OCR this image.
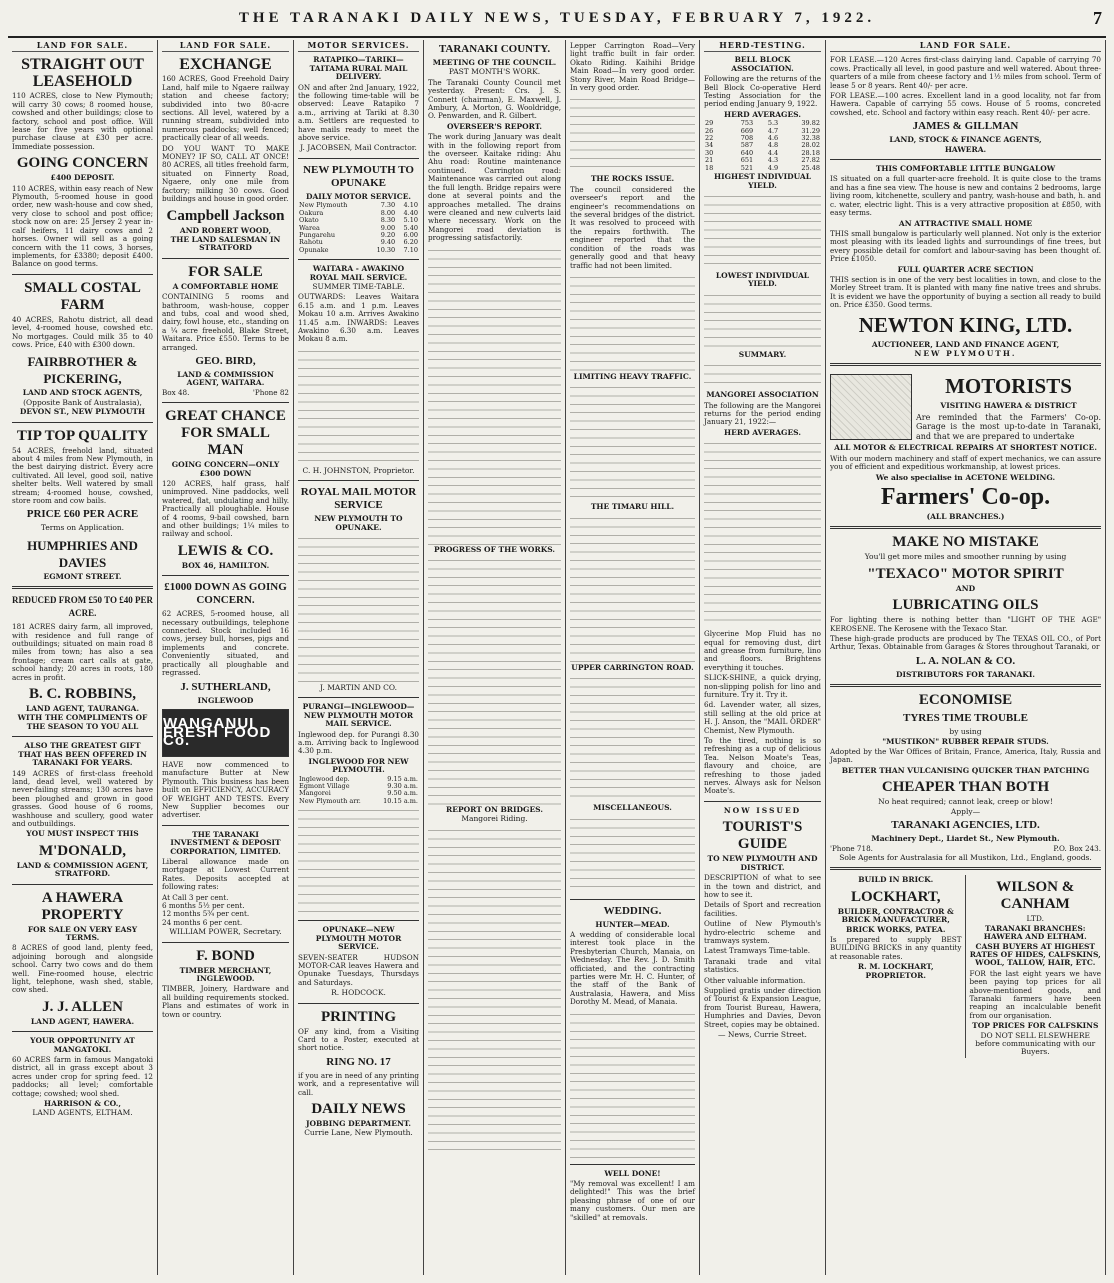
THE TARANAKI DAILY NEWS, TUESDAY, FEBRUARY 7, 1922.	7
LAND FOR SALE.
STRAIGHT OUT LEASEHOLD
110 ACRES, close to New Plymouth; will carry 30 cows; 8 roomed house, cowshed and other buildings; close to factory, school and post office. Will lease for five years with optional purchase clause at £30 per acre. Immediate possession.
GOING CONCERN
£400 DEPOSIT.
110 ACRES, within easy reach of New Plymouth, 5-roomed house in good order, new wash-house and cow shed, very close to school and post office; stock now on are: 25 Jersey 2 year in-calf heifers, 11 dairy cows and 2 horses. Owner will sell as a going concern with the 11 cows, 3 horses, implements, for £3380; deposit £400. Balance on good terms.
SMALL COSTAL FARM
40 ACRES, Rahotu district, all dead level, 4-roomed house, cowshed etc. No mortgages. Could milk 35 to 40 cows. Price, £40 with £300 down.
FAIRBROTHER & PICKERING,
LAND AND STOCK AGENTS,
(Opposite Bank of Australasia),
DEVON ST., NEW PLYMOUTH
TIP TOP QUALITY
54 ACRES, freehold land, situated about 4 miles from New Plymouth, in the best dairying district. Every acre cultivated. All level, good soil, native shelter belts. Well watered by small stream; 4-roomed house, cowshed, store room and cow bails.
PRICE £60 PER ACRE
Terms on Application.
HUMPHRIES AND DAVIES
EGMONT STREET.
REDUCED FROM £50 TO £40 PER ACRE.
181 ACRES dairy farm, all improved, with residence and full range of outbuildings; situated on main road 8 miles from town; has also a sea frontage; cream cart calls at gate, school handy; 20 acres in roots, 180 acres in profit.
B. C. ROBBINS,
LAND AGENT, TAURANGA.
WITH THE COMPLIMENTS OF THE SEASON TO YOU ALL
ALSO THE GREATEST GIFT THAT HAS BEEN OFFERED IN TARANAKI FOR YEARS.
149 ACRES of first-class freehold land, dead level, well watered by never-failing streams; 130 acres have been ploughed and grown in good grasses. Good house of 6 rooms, washhouse and scullery, good water and outbuildings.
YOU MUST INSPECT THIS
M'DONALD,
LAND & COMMISSION AGENT, STRATFORD.
A HAWERA PROPERTY
FOR SALE ON VERY EASY TERMS.
8 ACRES of good land, plenty feed, adjoining borough and alongside school. Carry two cows and do them well. Fine-roomed house, electric light, telephone, wash shed, stable, cow shed.
J. J. ALLEN
LAND AGENT, HAWERA.
YOUR OPPORTUNITY AT MANGATOKI.
60 ACRES farm in famous Mangatoki district, all in grass except about 3 acres under crop for spring feed. 12 paddocks; all level; comfortable cottage; cowshed; wool shed.
HARRISON & CO.,
LAND AGENTS, ELTHAM.
LAND FOR SALE.
EXCHANGE
160 ACRES, Good Freehold Dairy Land, half mile to Ngaere railway station and cheese factory; subdivided into two 80-acre sections. All level, watered by a running stream, subdivided into numerous paddocks; well fenced; practically clear of all weeds.
DO YOU WANT TO MAKE MONEY? IF SO, CALL AT ONCE! 80 ACRES, all titles freehold farm, situated on Finnerty Road, Ngaere, only one mile from factory; milking 30 cows. Good buildings and house in good order.
Campbell Jackson
AND ROBERT WOOD,
THE LAND SALESMAN IN STRATFORD
FOR SALE
A COMFORTABLE HOME
CONTAINING 5 rooms and bathroom, wash-house, copper and tubs, coal and wood shed, dairy, fowl house, etc., standing on a ¼ acre freehold, Blake Street, Waitara. Price £550. Terms to be arranged.
GEO. BIRD,
LAND & COMMISSION AGENT, WAITARA.
Box 48.	'Phone 82
GREAT CHANCE FOR SMALL MAN
GOING CONCERN—ONLY £300 DOWN
120 ACRES, half grass, half unimproved. Nine paddocks, well watered, flat, undulating and hilly. Practically all ploughable. House of 4 rooms, 9-bail cowshed, barn and other buildings; 1¼ miles to railway and school.
LEWIS & CO.
BOX 46, HAMILTON.
£1000 DOWN AS GOING CONCERN.
62 ACRES, 5-roomed house, all necessary outbuildings, telephone connected. Stock included 16 cows, jersey bull, horses, pigs and implements and concrete. Conveniently situated, and practically all ploughable and regrassed.
J. SUTHERLAND,
INGLEWOOD
WANGANUI FRESH FOOD Co.
HAVE now commenced to manufacture Butter at New Plymouth. This business has been built on EFFICIENCY, ACCURACY OF WEIGHT AND TESTS. Every New Supplier becomes our advertiser.
THE TARANAKI INVESTMENT & DEPOSIT CORPORATION, LIMITED.
Liberal allowance made on mortgage at Lowest Current Rates. Deposits accepted at following rates:
At Call 3 per cent.
6 months 5½ per cent.
12 months 5¾ per cent.
24 months 6 per cent.
WILLIAM POWER, Secretary.
F. BOND
TIMBER MERCHANT, INGLEWOOD.
TIMBER, Joinery, Hardware and all building requirements stocked. Plans and estimates of work in town or country.
MOTOR SERVICES.
RATAPIKO—TARIKI—TAITAMA RURAL MAIL DELIVERY.
ON and after 2nd January, 1922, the following time-table will be observed: Leave Ratapiko 7 a.m., arriving at Tariki at 8.30 a.m. Settlers are requested to have mails ready to meet the above service.
J. JACOBSEN, Mail Contractor.
NEW PLYMOUTH TO OPUNAKE
DAILY MOTOR SERVICE.
New Plymouth	7.30	4.10
Oakura	8.00	4.40
Okato	8.30	5.10
Warea	9.00	5.40
Pungarehu	9.20	6.00
Rahotu	9.40	6.20
Opunake	10.30	7.10
WAITARA - AWAKINO ROYAL MAIL SERVICE.
SUMMER TIME-TABLE.
OUTWARDS: Leaves Waitara 6.15 a.m. and 1 p.m. Leaves Mokau 10 a.m. Arrives Awakino 11.45 a.m. INWARDS: Leaves Awakino 6.30 a.m. Leaves Mokau 8 a.m.
C. H. JOHNSTON, Proprietor.
ROYAL MAIL MOTOR SERVICE
NEW PLYMOUTH TO OPUNAKE.
J. MARTIN AND CO.
PURANGI—INGLEWOOD—NEW PLYMOUTH MOTOR MAIL SERVICE.
Inglewood dep. for Purangi 8.30 a.m. Arriving back to Inglewood 4.30 p.m.
INGLEWOOD FOR NEW PLYMOUTH.
Inglewood dep.	9.15 a.m.
Egmont Village	9.30 a.m.
Mangorei	9.50 a.m.
New Plymouth arr.	10.15 a.m.
OPUNAKE—NEW PLYMOUTH MOTOR SERVICE.
SEVEN-SEATER HUDSON MOTOR-CAR leaves Hawera and Opunake Tuesdays, Thursdays and Saturdays.
R. HODCOCK.
PRINTING
OF any kind, from a Visiting Card to a Poster, executed at short notice.
RING NO. 17
if you are in need of any printing work, and a representative will call.
DAILY NEWS
JOBBING DEPARTMENT.
Currie Lane, New Plymouth.
TARANAKI COUNTY.
MEETING OF THE COUNCIL.
PAST MONTH'S WORK.
The Taranaki County Council met yesterday. Present: Crs. J. S. Connett (chairman), E. Maxwell, J. Ambury, A. Morton, G. Wooldridge, O. Penwarden, and R. Gilbert.
OVERSEER'S REPORT.
The work during January was dealt with in the following report from the overseer. Kaitake riding: Ahu Ahu road: Routine maintenance continued. Carrington road: Maintenance was carried out along the full length. Bridge repairs were done at several points and the approaches metalled. The drains were cleaned and new culverts laid where necessary. Work on the Mangorei road deviation is progressing satisfactorily.
PROGRESS OF THE WORKS.
REPORT ON BRIDGES.
Mangorei Riding.
Lepper Carrington Road—Very light traffic built in fair order. Okato Riding. Kaihihi Bridge Main Road—In very good order. Stony River, Main Road Bridge—In very good order.
THE ROCKS ISSUE.
The council considered the overseer's report and the engineer's recommendations on the several bridges of the district. It was resolved to proceed with the repairs forthwith. The engineer reported that the condition of the roads was generally good and that heavy traffic had not been limited.
LIMITING HEAVY TRAFFIC.
THE TIMARU HILL.
UPPER CARRINGTON ROAD.
MISCELLANEOUS.
WEDDING.
HUNTER—MEAD.
A wedding of considerable local interest took place in the Presbyterian Church, Manaia, on Wednesday. The Rev. J. D. Smith officiated, and the contracting parties were Mr. H. C. Hunter, of the staff of the Bank of Australasia, Hawera, and Miss Dorothy M. Mead, of Manaia.
WELL DONE!
"My removal was excellent! I am delighted!" This was the brief pleasing phrase of one of our many customers. Our men are "skilled" at removals.
HERD-TESTING.
BELL BLOCK ASSOCIATION.
Following are the returns of the Bell Block Co-operative Herd Testing Association for the period ending January 9, 1922.
HERD AVERAGES.
29	753	5.3	39.82
26	669	4.7	31.29
22	708	4.6	32.38
34	587	4.8	28.02
30	640	4.4	28.18
21	651	4.3	27.82
18	521	4.9	25.48
HIGHEST INDIVIDUAL YIELD.
LOWEST INDIVIDUAL YIELD.
SUMMARY.
MANGOREI ASSOCIATION
The following are the Mangorei returns for the period ending January 21, 1922:—
HERD AVERAGES.
Glycerine Mop Fluid has no equal for removing dust, dirt and grease from furniture, lino and floors. Brightens everything it touches.
SLICK-SHINE, a quick drying, non-slipping polish for lino and furniture. Try it. Try it.
6d. Lavender water, all sizes, still selling at the old price at H. J. Anson, the "MAIL ORDER" Chemist, New Plymouth.
To the tired, nothing is so refreshing as a cup of delicious Tea. Nelson Moate's Teas, flavoury and choice, are refreshing to those jaded nerves. Always ask for Nelson Moate's.
NOW ISSUED
TOURIST'S GUIDE
TO NEW PLYMOUTH AND DISTRICT.
DESCRIPTION of what to see in the town and district, and how to see it.
Details of Sport and recreation facilities.
Outline of New Plymouth's hydro-electric scheme and tramways system.
Latest Tramways Time-table.
Taranaki trade and vital statistics.
Other valuable information.
Supplied gratis under direction of Tourist & Expansion League, from Tourist Bureau, Hawera, Humphries and Davies, Devon Street, copies may be obtained.
— News, Currie Street.
LAND FOR SALE.
FOR LEASE.—120 Acres first-class dairying land. Capable of carrying 70 cows. Practically all level, in good pasture and well watered. About three-quarters of a mile from cheese factory and 1½ miles from school. Term of lease 5 or 8 years. Rent 40/- per acre.
FOR LEASE.—100 acres. Excellent land in a good locality, not far from Hawera. Capable of carrying 55 cows. House of 5 rooms, concreted cowshed, etc. School and factory within easy reach. Rent 40/- per acre.
JAMES & GILLMAN
LAND, STOCK & FINANCE AGENTS,
HAWERA.
THIS COMFORTABLE LITTLE BUNGALOW
IS situated on a full quarter-acre freehold. It is quite close to the trams and has a fine sea view. The house is new and contains 2 bedrooms, large living room, kitchenette, scullery and pantry, wash-house and bath, h. and c. water, electric light. This is a very attractive proposition at £850, with easy terms.
AN ATTRACTIVE SMALL HOME
THIS small bungalow is particularly well planned. Not only is the exterior most pleasing with its leaded lights and surroundings of fine trees, but every possible detail for comfort and labour-saving has been thought of. Price £1050.
FULL QUARTER ACRE SECTION
THIS section is in one of the very best localities in town, and close to the Morley Street tram. It is planted with many fine native trees and shrubs. It is evident we have the opportunity of buying a section all ready to build on. Price £350. Good terms.
NEWTON KING, LTD.
AUCTIONEER, LAND AND FINANCE AGENT,
NEW PLYMOUTH.
MOTORISTS
VISITING HAWERA & DISTRICT
Are reminded that the Farmers' Co-op. Garage is the most up-to-date in Taranaki, and that we are prepared to undertake
ALL MOTOR & ELECTRICAL REPAIRS AT SHORTEST NOTICE.
With our modern machinery and staff of expert mechanics, we can assure you of efficient and expeditious workmanship, at lowest prices.
We also specialise in ACETONE WELDING.
Farmers' Co-op.
(ALL BRANCHES.)
MAKE NO MISTAKE
You'll get more miles and smoother running by using
"TEXACO" MOTOR SPIRIT
AND
LUBRICATING OILS
For lighting there is nothing better than "LIGHT OF THE AGE" KEROSENE. The Kerosene with the Texaco Star.
These high-grade products are produced by The TEXAS OIL CO., of Port Arthur, Texas. Obtainable from Garages & Stores throughout Taranaki, or
L. A. NOLAN & CO.
DISTRIBUTORS FOR TARANAKI.
ECONOMISE
TYRES TIME TROUBLE
by using
"MUSTIKON" RUBBER REPAIR STUDS.
Adopted by the War Offices of Britain, France, America, Italy, Russia and Japan.
BETTER THAN VULCANISING QUICKER THAN PATCHING
CHEAPER THAN BOTH
No heat required; cannot leak, creep or blow!
Apply—
TARANAKI AGENCIES, LTD.
Machinery Dept., Liardet St., New Plymouth.
'Phone 718.	P.O. Box 243.
Sole Agents for Australasia for all Mustikon, Ltd., England, goods.
BUILD IN BRICK.
LOCKHART,
BUILDER, CONTRACTOR & BRICK MANUFACTURER,
BRICK WORKS, PATEA.
Is prepared to supply BEST BUILDING BRICKS in any quantity at reasonable rates.
R. M. LOCKHART, PROPRIETOR.
WILSON & CANHAM
LTD.
TARANAKI BRANCHES: HAWERA AND ELTHAM.
CASH BUYERS AT HIGHEST RATES OF HIDES, CALFSKINS, WOOL, TALLOW, HAIR, ETC.
FOR the last eight years we have been paying top prices for all above-mentioned goods, and Taranaki farmers have been reaping an incalculable benefit from our organisation.
TOP PRICES FOR CALFSKINS
DO NOT SELL ELSEWHERE before communicating with our Buyers.
